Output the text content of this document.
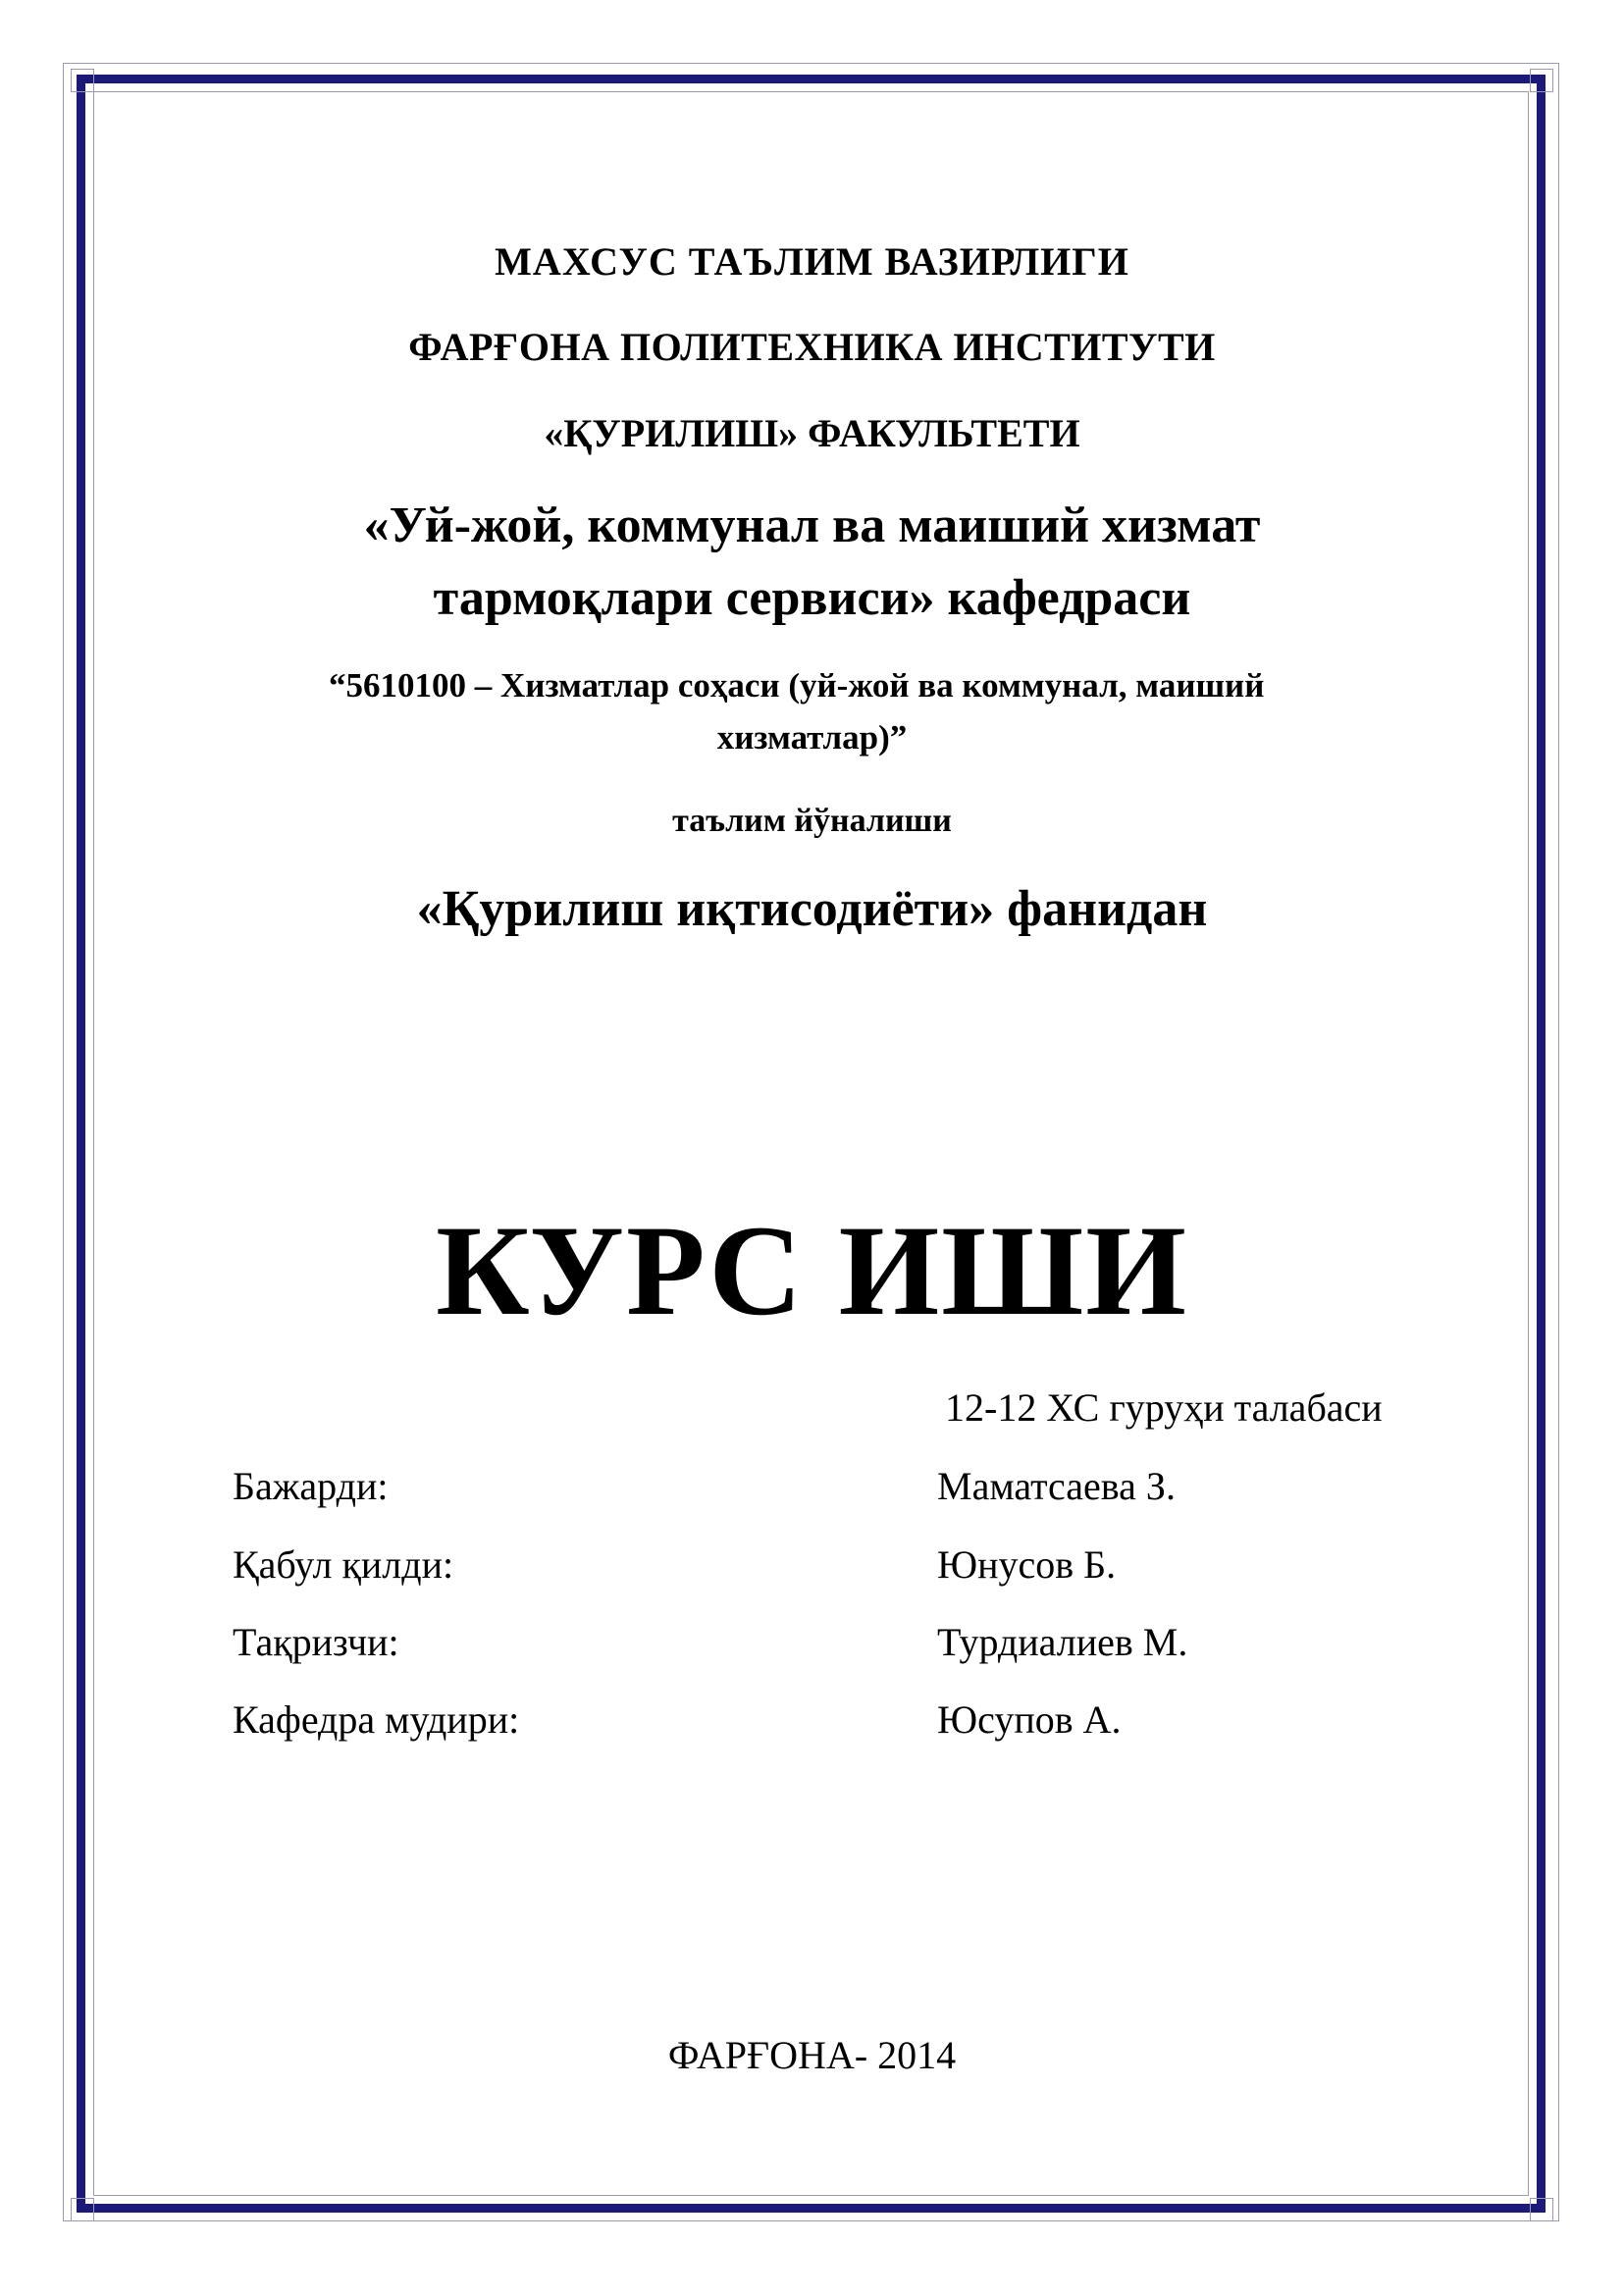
МАХСУС ТАЪЛИМ ВАЗИРЛИГИ
ФАРҒОНА ПОЛИТЕХНИКА ИНСТИТУТИ
«ҚУРИЛИШ» ФАКУЛЬТЕТИ
«Уй-жой, коммунал ва маиший хизмат
тармоқлари сервиси» кафедраси
“5610100 – Хизматлар соҳаси (уй-жой ва коммунал, маиший
хизматлар)”
таълим йўналиши
«Қурилиш иқтисодиёти» фанидан
КУРС ИШИ
12-12 ХС гуруҳи талабаси
Бажарди:	Маматсаева З.
Қабул қилди:	Юнусов Б.
Тақризчи:	Турдиалиев М.
Кафедра мудири:	Юсупов А.
ФАРҒОНА- 2014
